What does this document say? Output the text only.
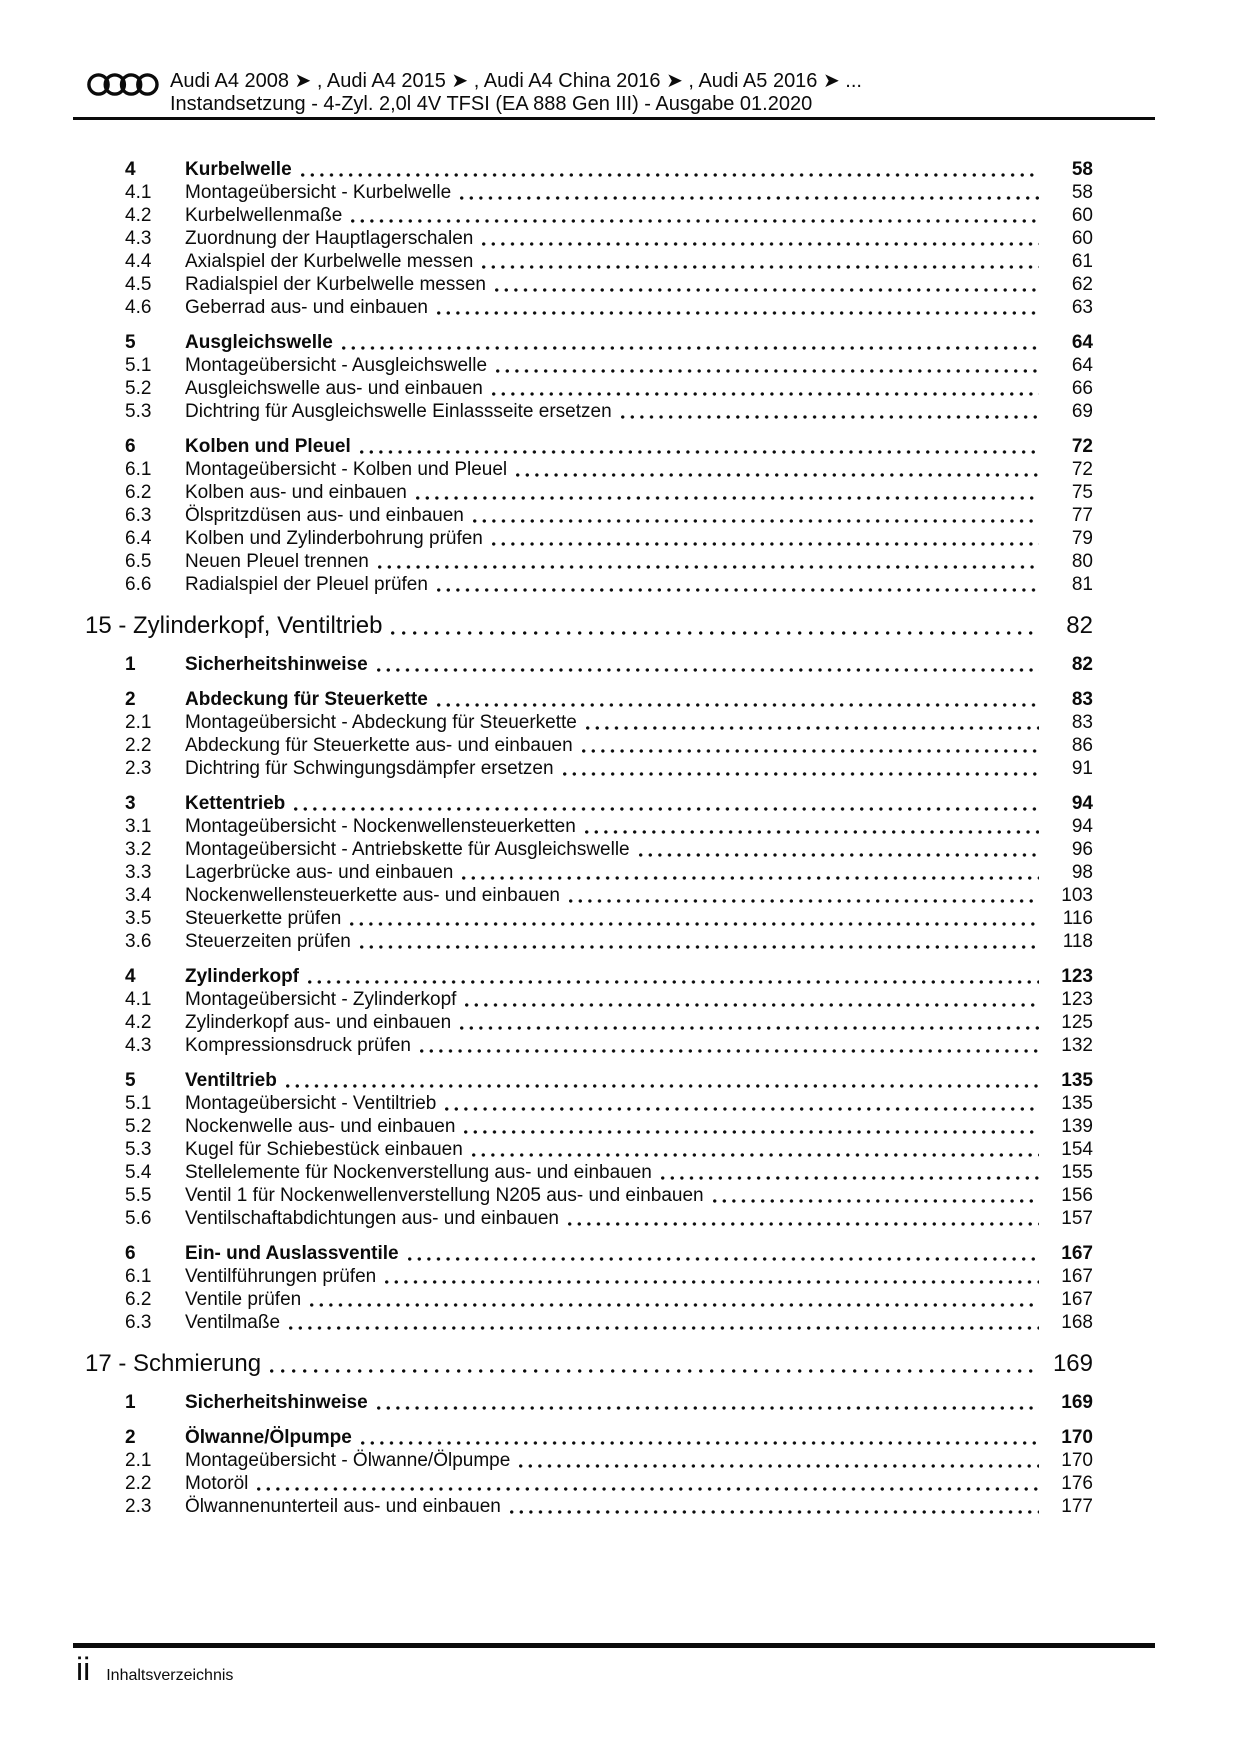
Audi A4 2008 ➤ , Audi A4 2015 ➤ , Audi A4 China 2016 ➤ , Audi A5 2016 ➤ ...
Instandsetzung - 4-Zyl. 2,0l 4V TFSI (EA 888 Gen III) - Ausgabe 01.2020
4	Kurbelwelle	58
4.1	Montageübersicht - Kurbelwelle	58
4.2	Kurbelwellenmaße	60
4.3	Zuordnung der Hauptlagerschalen	60
4.4	Axialspiel der Kurbelwelle messen	61
4.5	Radialspiel der Kurbelwelle messen	62
4.6	Geberrad aus- und einbauen	63
5	Ausgleichswelle	64
5.1	Montageübersicht - Ausgleichswelle	64
5.2	Ausgleichswelle aus- und einbauen	66
5.3	Dichtring für Ausgleichswelle Einlassseite ersetzen	69
6	Kolben und Pleuel	72
6.1	Montageübersicht - Kolben und Pleuel	72
6.2	Kolben aus- und einbauen	75
6.3	Ölspritzdüsen aus- und einbauen	77
6.4	Kolben und Zylinderbohrung prüfen	79
6.5	Neuen Pleuel trennen	80
6.6	Radialspiel der Pleuel prüfen	81
15 - Zylinderkopf, Ventiltrieb	82
1	Sicherheitshinweise	82
2	Abdeckung für Steuerkette	83
2.1	Montageübersicht - Abdeckung für Steuerkette	83
2.2	Abdeckung für Steuerkette aus- und einbauen	86
2.3	Dichtring für Schwingungsdämpfer ersetzen	91
3	Kettentrieb	94
3.1	Montageübersicht - Nockenwellensteuerketten	94
3.2	Montageübersicht - Antriebskette für Ausgleichswelle	96
3.3	Lagerbrücke aus- und einbauen	98
3.4	Nockenwellensteuerkette aus- und einbauen	103
3.5	Steuerkette prüfen	116
3.6	Steuerzeiten prüfen	118
4	Zylinderkopf	123
4.1	Montageübersicht - Zylinderkopf	123
4.2	Zylinderkopf aus- und einbauen	125
4.3	Kompressionsdruck prüfen	132
5	Ventiltrieb	135
5.1	Montageübersicht - Ventiltrieb	135
5.2	Nockenwelle aus- und einbauen	139
5.3	Kugel für Schiebestück einbauen	154
5.4	Stellelemente für Nockenverstellung aus- und einbauen	155
5.5	Ventil 1 für Nockenwellenverstellung N205 aus- und einbauen	156
5.6	Ventilschaftabdichtungen aus- und einbauen	157
6	Ein- und Auslassventile	167
6.1	Ventilführungen prüfen	167
6.2	Ventile prüfen	167
6.3	Ventilmaße	168
17 - Schmierung	169
1	Sicherheitshinweise	169
2	Ölwanne/Ölpumpe	170
2.1	Montageübersicht - Ölwanne/Ölpumpe	170
2.2	Motoröl	176
2.3	Ölwannenunterteil aus- und einbauen	177
ii Inhaltsverzeichnis
